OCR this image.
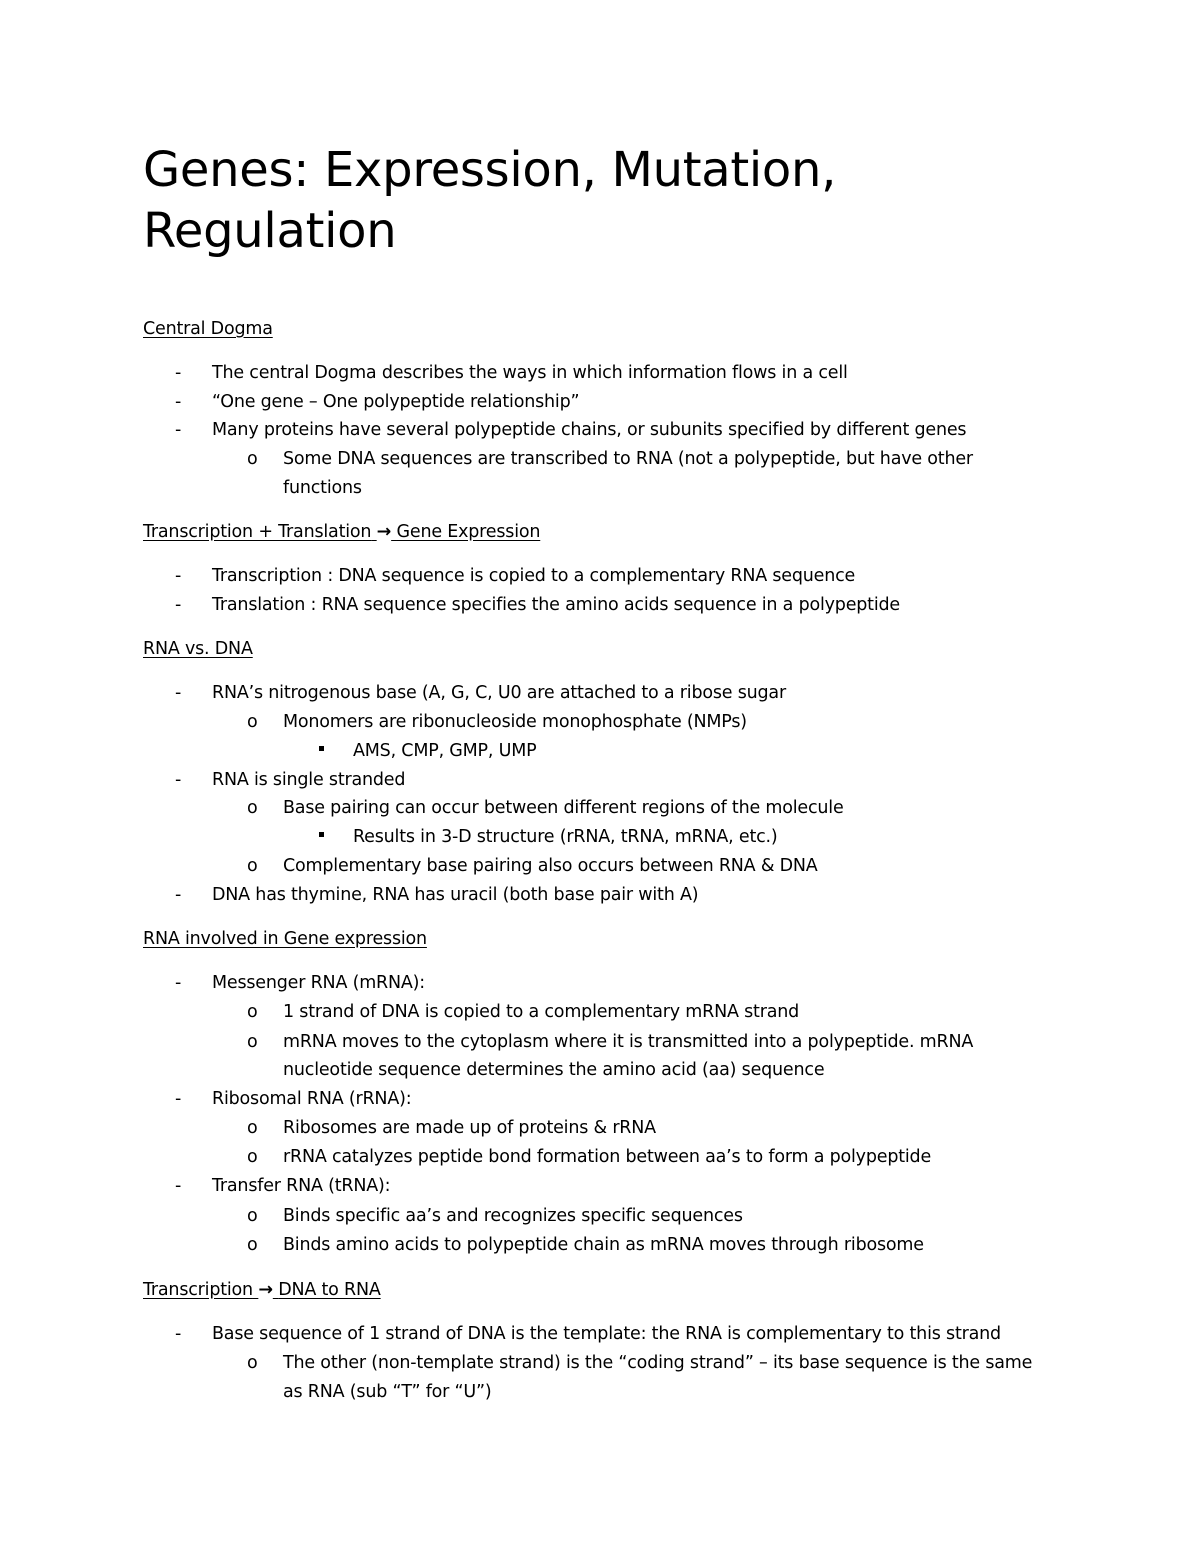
Genes: Expression, Mutation, Regulation
Central Dogma
- The central Dogma describes the ways in which information flows in a cell
- “One gene – One polypeptide relationship”
- Many proteins have several polypeptide chains, or subunits specified by different genes
o Some DNA sequences are transcribed to RNA (not a polypeptide, but have other
functions
Transcription + Translation → Gene Expression
- Transcription : DNA sequence is copied to a complementary RNA sequence
- Translation : RNA sequence specifies the amino acids sequence in a polypeptide
RNA vs. DNA
- RNA’s nitrogenous base (A, G, C, U0 are attached to a ribose sugar
o Monomers are ribonucleoside monophosphate (NMPs)
AMS, CMP, GMP, UMP
- RNA is single stranded
o Base pairing can occur between different regions of the molecule
Results in 3-D structure (rRNA, tRNA, mRNA, etc.)
o Complementary base pairing also occurs between RNA & DNA
- DNA has thymine, RNA has uracil (both base pair with A)
RNA involved in Gene expression
- Messenger RNA (mRNA):
o 1 strand of DNA is copied to a complementary mRNA strand
o mRNA moves to the cytoplasm where it is transmitted into a polypeptide. mRNA
nucleotide sequence determines the amino acid (aa) sequence
- Ribosomal RNA (rRNA):
o Ribosomes are made up of proteins & rRNA
o rRNA catalyzes peptide bond formation between aa’s to form a polypeptide
- Transfer RNA (tRNA):
o Binds specific aa’s and recognizes specific sequences
o Binds amino acids to polypeptide chain as mRNA moves through ribosome
Transcription → DNA to RNA
- Base sequence of 1 strand of DNA is the template: the RNA is complementary to this strand
o The other (non-template strand) is the “coding strand” – its base sequence is the same
as RNA (sub “T” for “U”)
